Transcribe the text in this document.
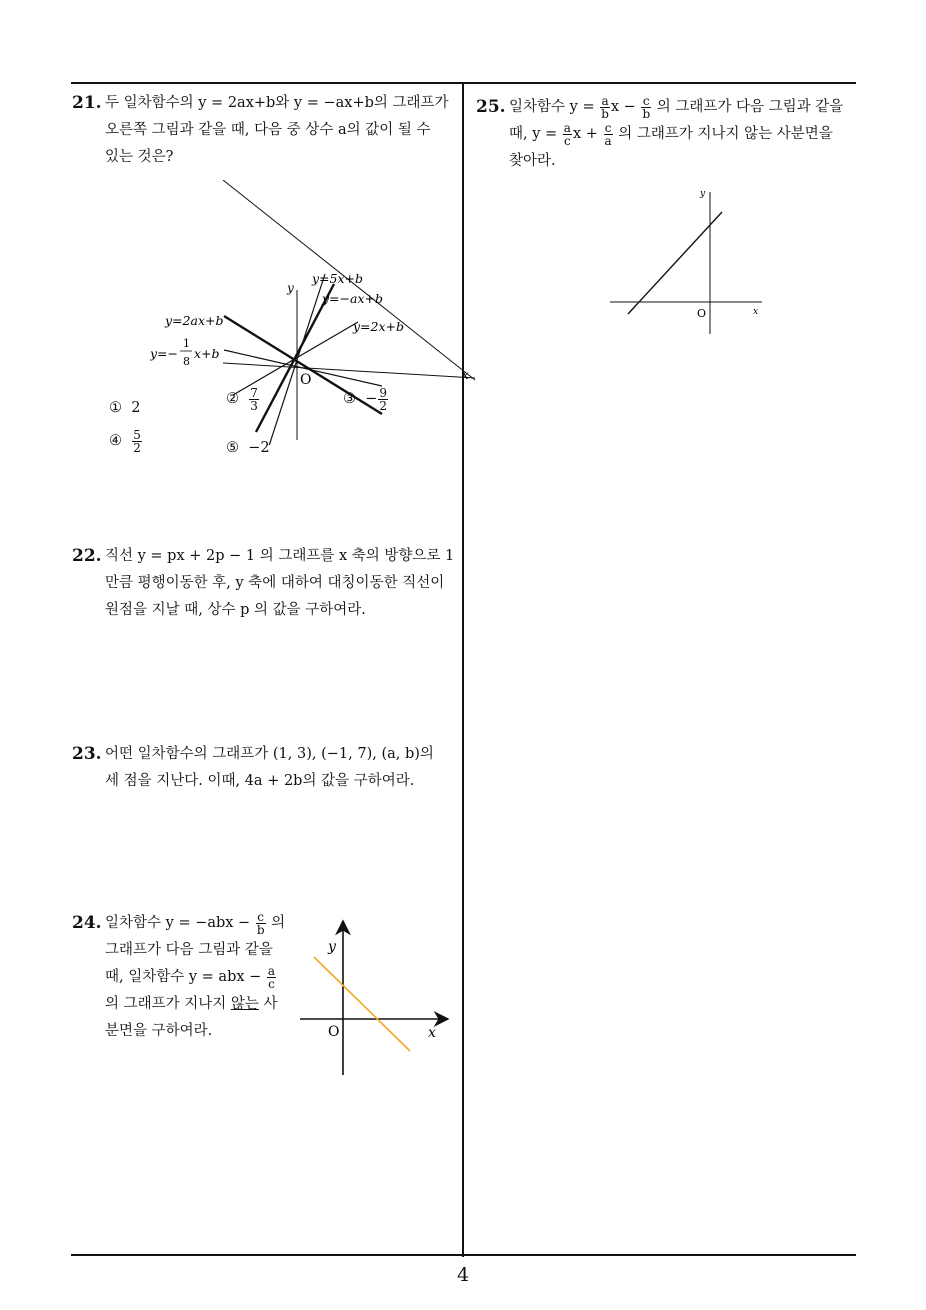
21. 두 일차함수의 y = 2ax+b와 y = −ax+b의 그래프가
오른쪽 그림과 같을 때, 다음 중 상수 a의 값이 될 수
있는 것은?
y
x
O
y=5x+b
y=−ax+b
y=2x+b
y=2ax+b
y=−
1
8
x+b
① 2
② $\frac{7}{3}$	③ − $\frac{9}{2}$
④ $\frac{5}{2}$	⑤ −2
22. 직선 y = px + 2p − 1 의 그래프를 x 축의 방향으로 1
만큼 평행이동한 후, y 축에 대하여 대칭이동한 직선이
원점을 지날 때, 상수 p 의 값을 구하여라.
23. 어떤 일차함수의 그래프가 (1, 3), (−1, 7), (a, b)의
세 점을 지난다. 이때, 4a + 2b의 값을 구하여라.
24. 일차함수 $y = -abx - \frac{c}{b}$ 의
그래프가 다음 그림과 같을
때, 일차함수 y = abx − $\frac{a}{c}$
의 그래프가 지나지 않는 사
분면을 구하여라.
y
x
O
25. 일차함수 $y = \frac{a}{b}$ $x - \frac{c}{b}$ 의 그래프가 다음 그림과 같을
때, $y = \frac{a}{c}$ $x + \frac{c}{a}$ 의 그래프가 지나지 않는 사분면을
찾아라.
y
x
O
4
